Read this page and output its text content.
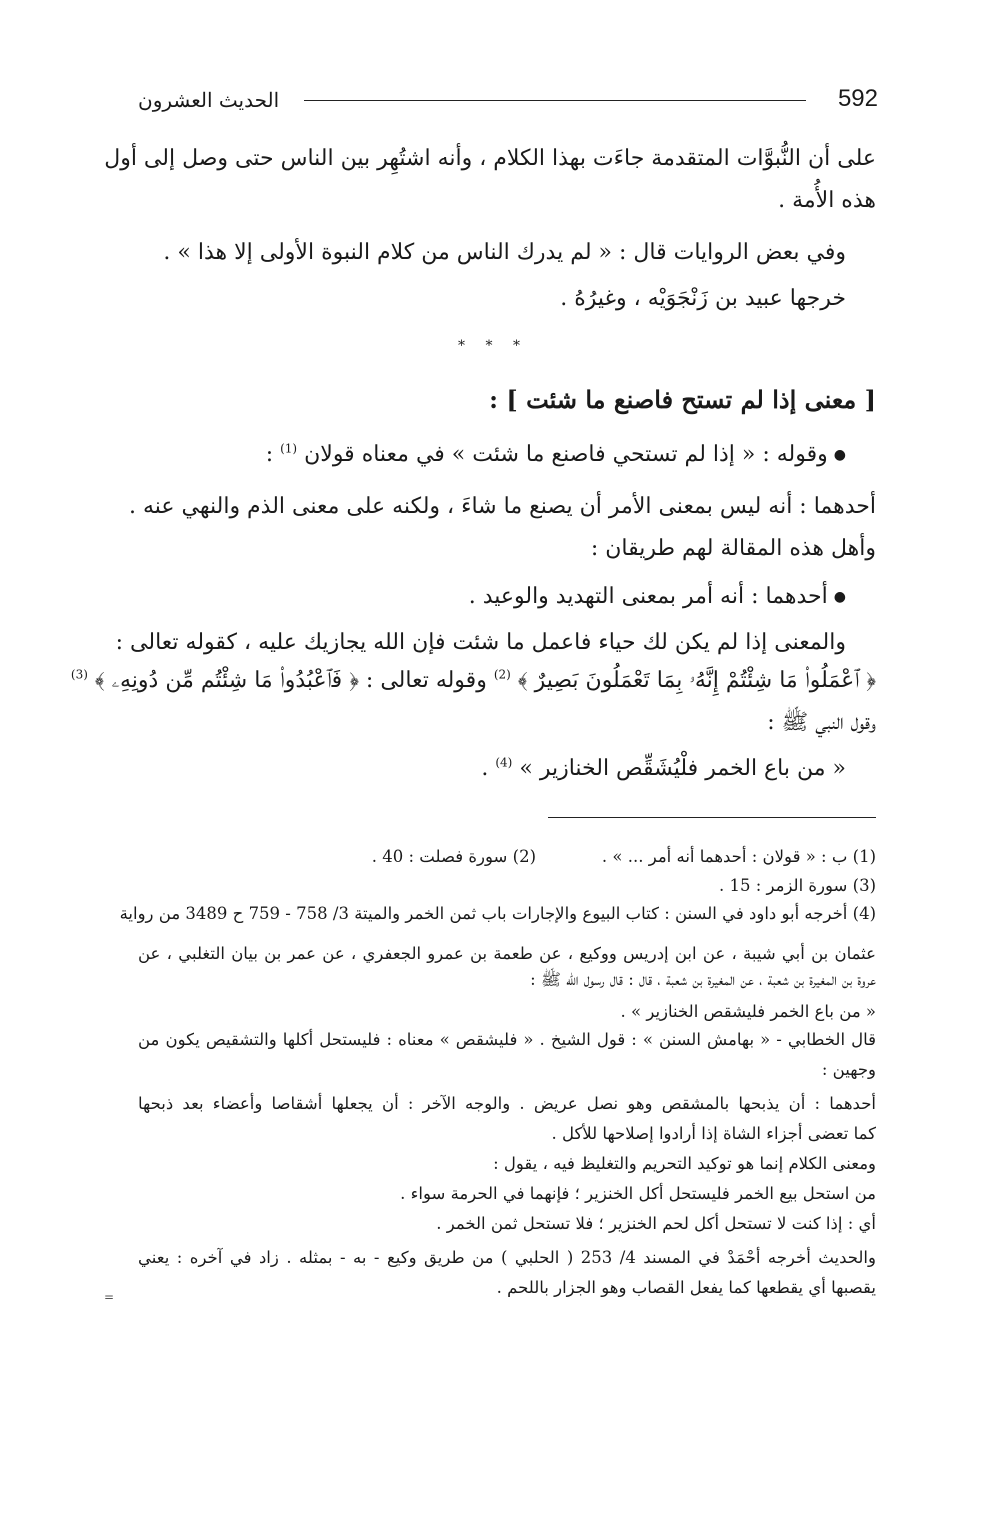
الحديث العشرون	592
على أن النُّبوَّات المتقدمة جاءَت بهذا الكلام ، وأنه اشتُهِر بين الناس حتى وصل إلى أول
هذه الأُمة .
وفي بعض الروايات قال : « لم يدرك الناس من كلام النبوة الأولى إلا هذا » .
خرجها عبيد بن زَنْجَوَيْه ، وغيرُهُ .
* * *
[ معنى إذا لم تستح فاصنع ما شئت ] :
●وقوله : « إذا لم تستحي فاصنع ما شئت » في معناه قولان $^{(1)}$ :
أحدهما : أنه ليس بمعنى الأمر أن يصنع ما شاءَ ، ولكنه على معنى الذم والنهي عنه .
وأهل هذه المقالة لهم طريقان :
●أحدهما : أنه أمر بمعنى التهديد والوعيد .
والمعنى إذا لم يكن لك حياء فاعمل ما شئت فإن الله يجازيك عليه ، كقوله تعالى :
﴿ ٱعْمَلُوا۟ مَا شِئْتُمْ إِنَّهُۥ بِمَا تَعْمَلُونَ بَصِيرٌ ﴾ $^{(2)}$ وقوله تعالى : ﴿ فَٱعْبُدُوا۟ مَا شِئْتُم مِّن دُونِهِۦ ﴾ $^{(3)}$
وقول النبي ﷺ :
« من باع الخمر فلْيُشَقِّص الخنازير » $^{(4)}$ .
(1) ب : « قولان : أحدهما أنه أمر ... » .
(2) سورة فصلت : 40 .
(3) سورة الزمر : 15 .
(4) أخرجه أبو داود في السنن : كتاب البيوع والإجارات باب ثمن الخمر والميتة 3/ 758 - 759 ح 3489 من رواية
عثمان بن أبي شيبة ، عن ابن إدريس ووكيع ، عن طعمة بن عمرو الجعفري ، عن عمر بن بيان التغلبي ، عن
عروة بن المغيرة بن شعبة ، عن المغيرة بن شعبة ، قال : قال رسول الله ﷺ :
« من باع الخمر فليشقص الخنازير » .
قال الخطابي - « بهامش السنن » : قول الشيخ . « فليشقص » معناه : فليستحل أكلها والتشقيص يكون من
وجهين :
أحدهما : أن يذبحها بالمشقص وهو نصل عريض . والوجه الآخر : أن يجعلها أشقاصا وأعضاء بعد ذبحها
كما تعضى أجزاء الشاة إذا أرادوا إصلاحها للأكل .
ومعنى الكلام إنما هو توكيد التحريم والتغليظ فيه ، يقول :
من استحل بيع الخمر فليستحل أكل الخنزير ؛ فإنهما في الحرمة سواء .
أي : إذا كنت لا تستحل أكل لحم الخنزير ؛ فلا تستحل ثمن الخمر .
والحديث أخرجه أحْمَدْ في المسند 4/ 253 ( الحلبي ) من طريق وكيع - به - بمثله . زاد في آخره : يعني
يقصبها أي يقطعها كما يفعل القصاب وهو الجزار باللحم .
=
